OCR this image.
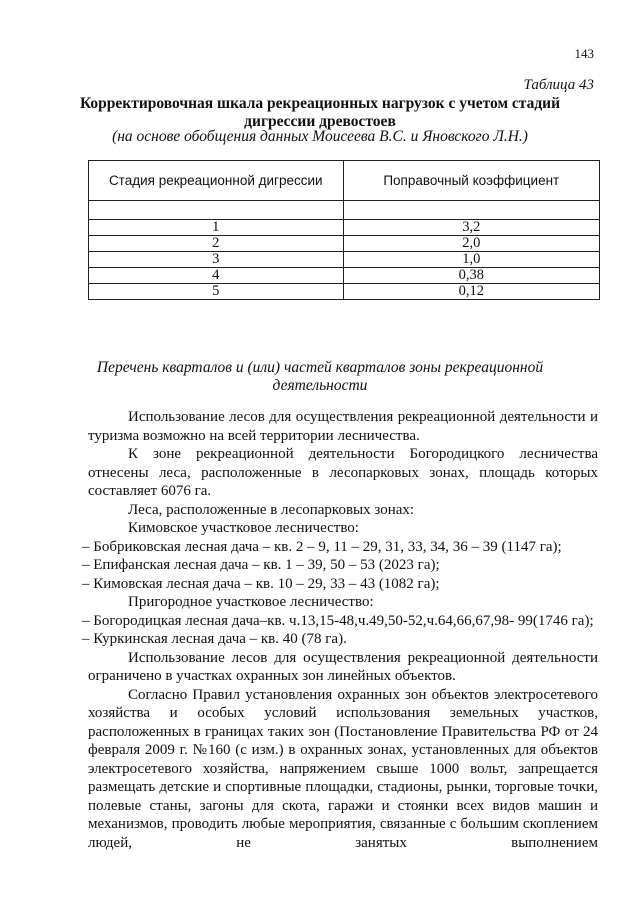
143
Таблица 43
Корректировочная шкала рекреационных нагрузок с учетом стадий дигрессии древостоев
(на основе обобщения данных Моисеева В.С. и Яновского Л.Н.)
Стадия рекреационной дигрессии	Поправочный коэффициент

1	3,2
2	2,0
3	1,0
4	0,38
5	0,12
Перечень кварталов и (или) частей кварталов зоны рекреационной деятельности

Использование лесов для осуществления рекреационной деятельности и туризма возможно на всей территории лесничества.

К зоне рекреационной деятельности Богородицкого лесничества отнесены леса, расположенные в лесопарковых зонах, площадь которых составляет 6076 га.

Леса, расположенные в лесопарковых зонах:

Кимовское участковое лесничество:

– Бобриковская лесная дача – кв. 2 – 9, 11 – 29, 31, 33, 34, 36 – 39 (1147 га);

– Епифанская лесная дача – кв. 1 – 39, 50 – 53 (2023 га);

– Кимовская лесная дача – кв. 10 – 29, 33 – 43 (1082 га);

Пригородное участковое лесничество:

– Богородицкая лесная дача–кв. ч.13,15-48,ч.49,50-52,ч.64,66,67,98- 99(1746 га);

– Куркинская лесная дача – кв. 40 (78 га).

Использование лесов для осуществления рекреационной деятельности ограничено в участках охранных зон линейных объектов.

Согласно Правил установления охранных зон объектов электросетевого хозяйства и особых условий использования земельных участков, расположенных в границах таких зон (Постановление Правительства РФ от 24 февраля 2009 г. №160 (с изм.) в охранных зонах, установленных для объектов электросетевого хозяйства, напряжением свыше 1000 вольт, запрещается размещать детские и спортивные площадки, стадионы, рынки, торговые точки, полевые станы, загоны для скота, гаражи и стоянки всех видов машин и механизмов, проводить любые мероприятия, связанные с большим скоплением людей, не занятых выполнением
